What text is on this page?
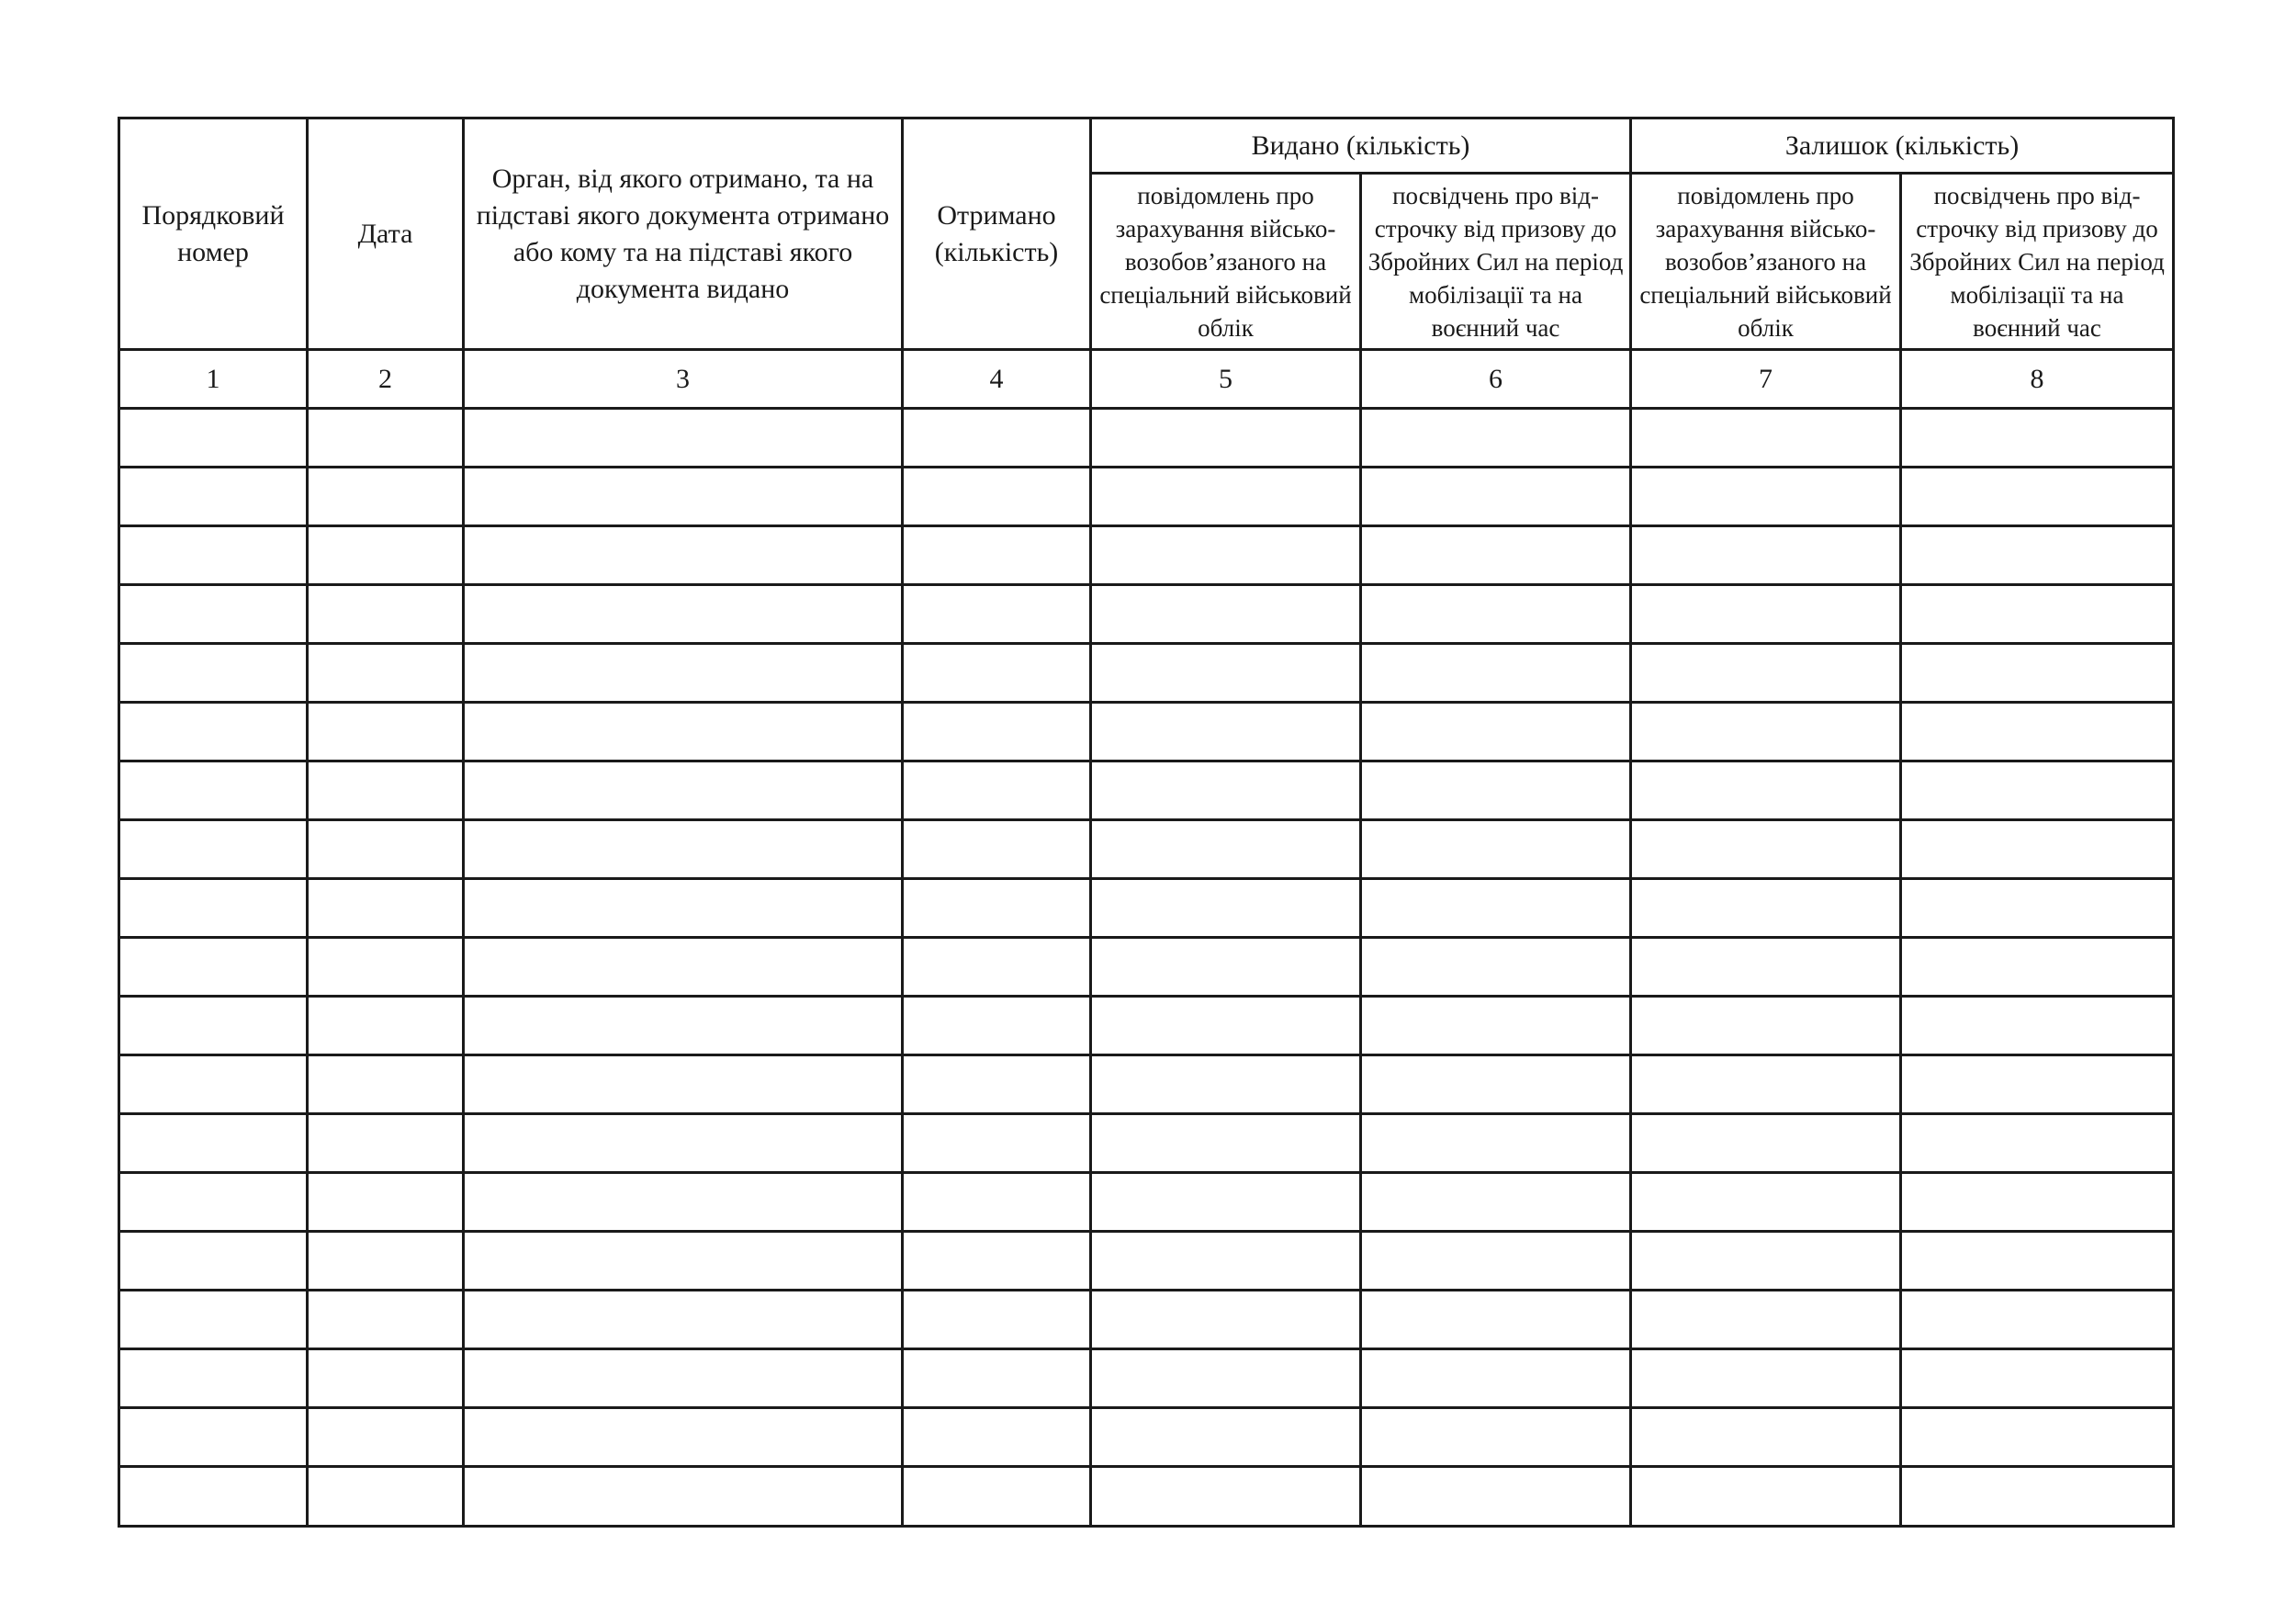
Порядковий номер	Дата	Орган, від якого отримано, та на підставі якого документа отримано або кому та на підставі якого документа видано	Отримано (кількість)	Видано (кількість)		Залишок (кількість)	
				повідомлень про зарахування військовозобов’язаного на спеціальний військовий облік	посвідчень про відстрочку від призову до Збройних Сил на період мобілізації та на воєнний час	повідомлень про зарахування військовозобов’язаного на спеціальний військовий облік	посвідчень про відстрочку від призову до Збройних Сил на період мобілізації та на воєнний час
1	2	3	4	5	6	7	8
